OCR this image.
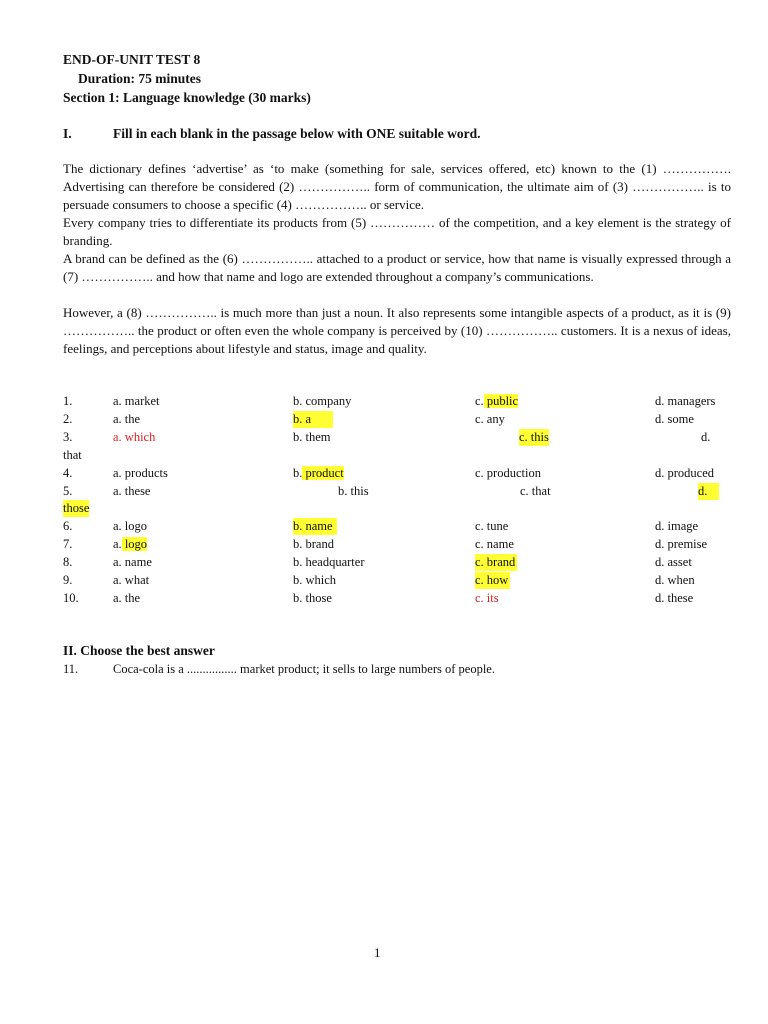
END-OF-UNIT TEST 8
Duration: 75 minutes
Section 1: Language knowledge (30 marks)
I.	Fill in each blank in the passage below with ONE suitable word.
The dictionary defines ‘advertise’ as ‘to make (something for sale, services offered, etc) known to the (1) ……………. Advertising can therefore be considered (2) …………….. form of communication, the ultimate aim of (3) …………….. is to persuade consumers to choose a specific (4) …………….. or service.
Every company tries to differentiate its products from (5) …………… of the competition, and a key element is the strategy of branding.
A brand can be defined as the (6) …………….. attached to a product or service, how that name is visually expressed through a (7) …………….. and how that name and logo are extended throughout a company’s communications.
However, a (8) …………….. is much more than just a noun. It also represents some intangible aspects of a product, as it is (9) …………….. the product or often even the whole company is perceived by (10) …………….. customers. It is a nexus of ideas, feelings, and perceptions about lifestyle and status, image and quality.
1.	a. market	b. company	c. public	d. managers
2.	a. the	b. a	c. any	d. some
3.	a. which	b. them	c. this	d.
that
4.	a. products	b. product	c. production	d. produced
5.	a. these	b. this	c. that	d.
those
6.	a. logo	b. name	c. tune	d. image
7.	a. logo	b. brand	c. name	d. premise
8.	a. name	b. headquarter	c. brand	d. asset
9.	a. what	b. which	c. how	d. when
10.	a. the	b. those	c. its	d. these
II. Choose the best answer
11.	Coca-cola is a ................ market product; it sells to large numbers of people.
1
